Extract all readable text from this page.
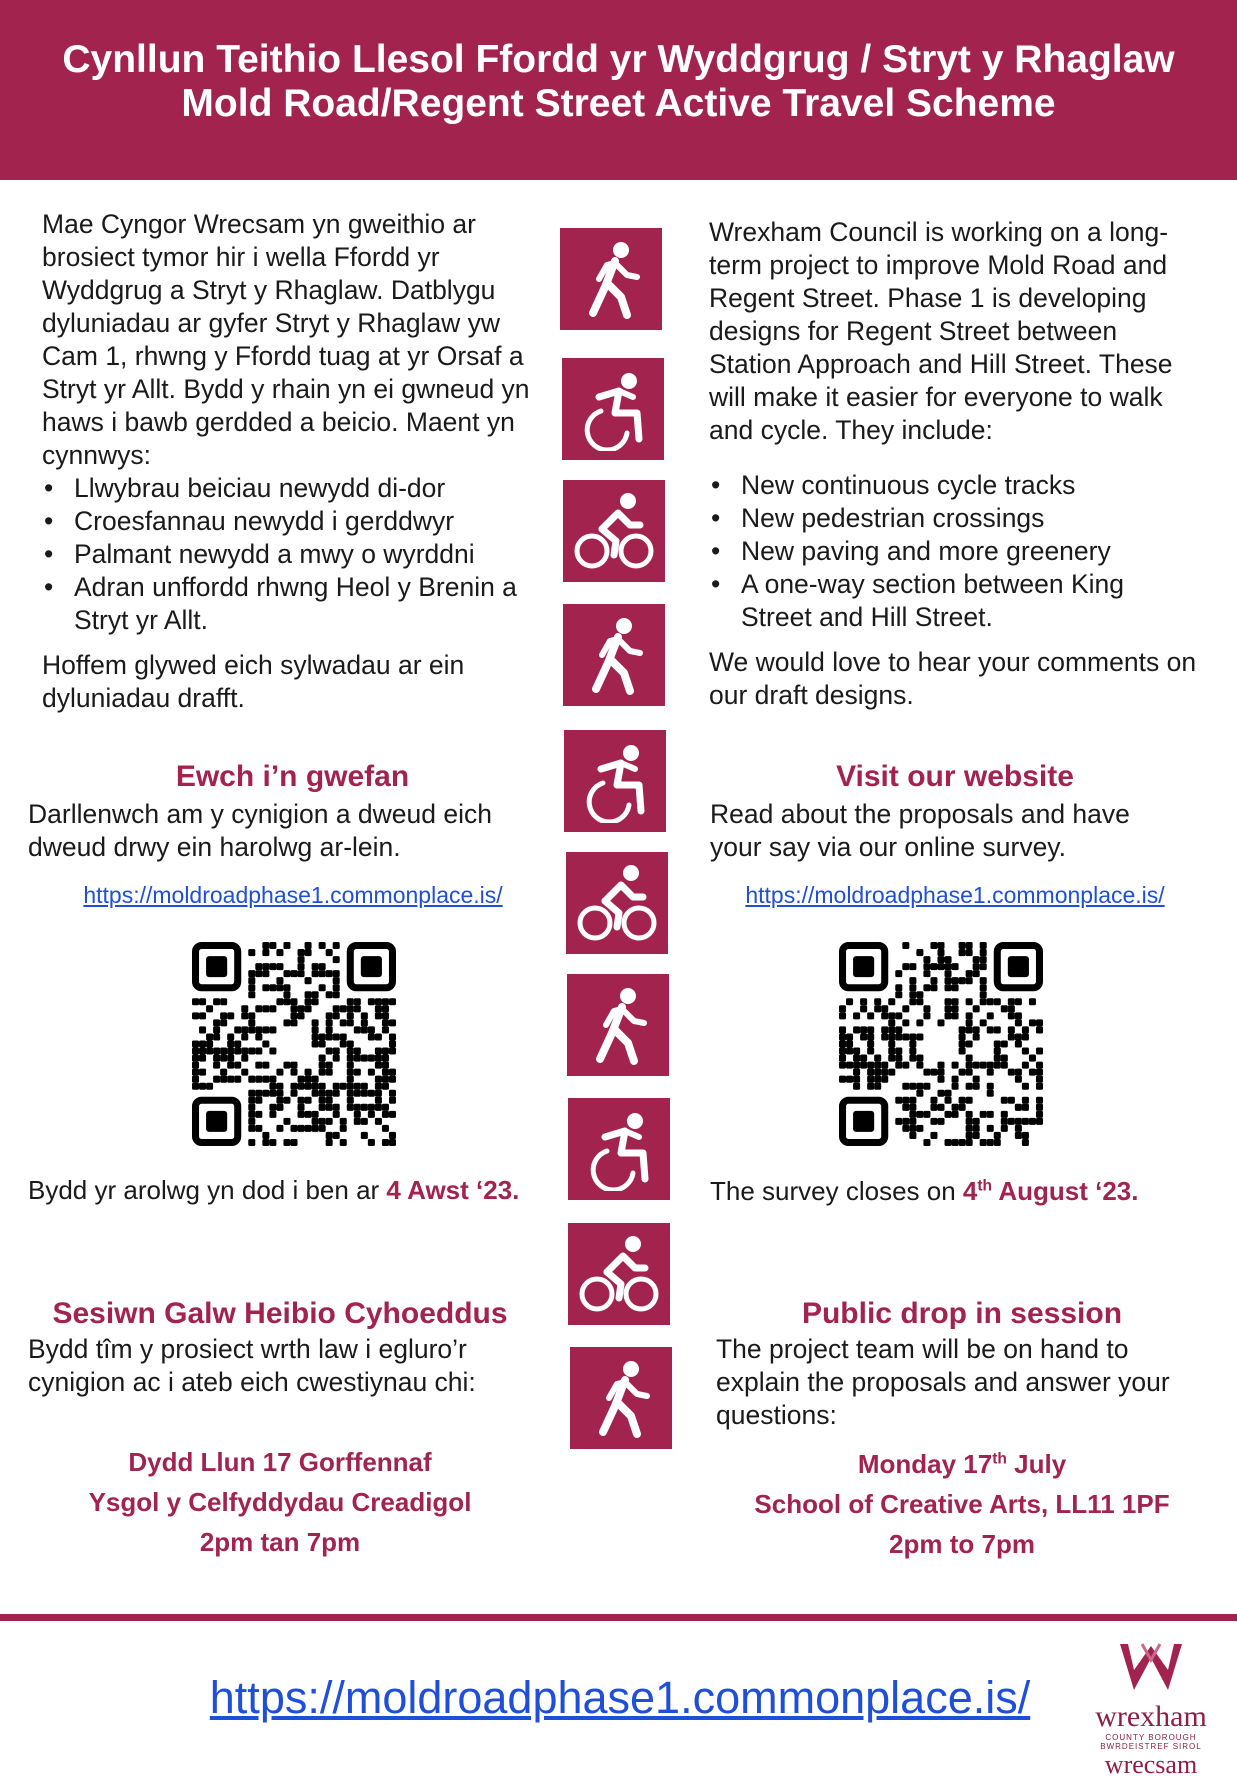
Cynllun Teithio Llesol Ffordd yr Wyddgrug / Stryt y Rhaglaw
Mold Road/Regent Street Active Travel Scheme

Mae Cyngor Wrecsam yn gweithio ar brosiect tymor hir i wella Ffordd yr Wyddgrug a Stryt y Rhaglaw. Datblygu dyluniadau ar gyfer Stryt y Rhaglaw yw Cam 1, rhwng y Ffordd tuag at yr Orsaf a Stryt yr Allt. Bydd y rhain yn ei gwneud yn haws i bawb gerdded a beicio. Maent yn cynnwys:

• Llwybrau beiciau newydd di-dor
• Croesfannau newydd i gerddwyr
• Palmant newydd a mwy o wyrddni
• Adran unffordd rhwng Heol y Brenin a Stryt yr Allt.

Hoffem glywed eich sylwadau ar ein dyluniadau drafft.

Ewch i’n gwefan
Darllenwch am y cynigion a dweud eich dweud drwy ein harolwg ar-lein.
https://moldroadphase1.commonplace.is/
Bydd yr arolwg yn dod i ben ar 4 Awst ‘23.
Sesiwn Galw Heibio Cyhoeddus
Bydd tîm y prosiect wrth law i egluro’r cynigion ac i ateb eich cwestiynau chi:
Dydd Llun 17 Gorffennaf
Ysgol y Celfyddydau Creadigol
2pm tan 7pm

Wrexham Council is working on a long-term project to improve Mold Road and Regent Street. Phase 1 is developing designs for Regent Street between Station Approach and Hill Street. These will make it easier for everyone to walk and cycle. They include:

• New continuous cycle tracks
• New pedestrian crossings
• New paving and more greenery
• A one-way section between King Street and Hill Street.

We would love to hear your comments on our draft designs.

Visit our website
Read about the proposals and have your say via our online survey.
https://moldroadphase1.commonplace.is/
The survey closes on 4th August ‘23.
Public drop in session
The project team will be on hand to explain the proposals and answer your questions:
Monday 17th July
School of Creative Arts, LL11 1PF
2pm to 7pm
https://moldroadphase1.commonplace.is/	wrexham
COUNTY BOROUGH
BWRDEISTREF SIROL
wrecsam
